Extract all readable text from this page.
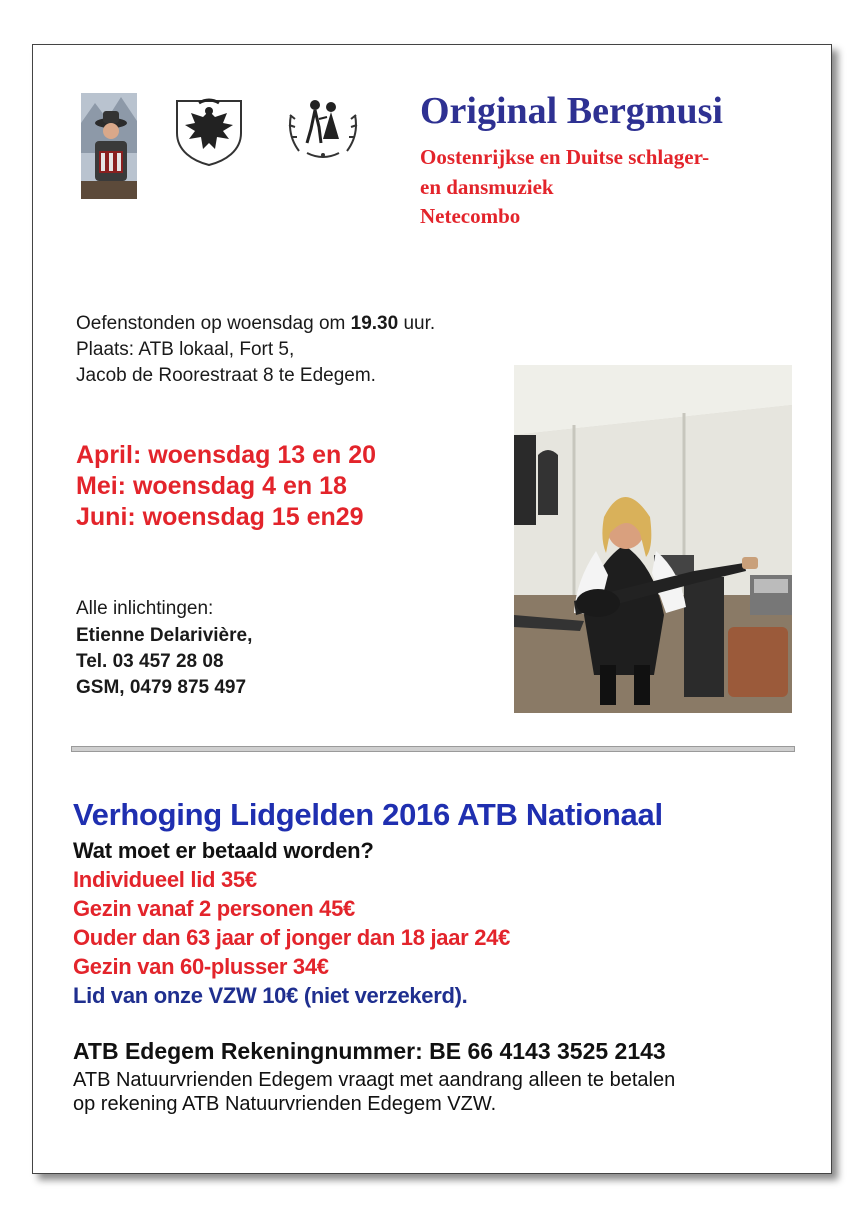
Original Bergmusi
Oostenrijkse en Duitse schlager-
en dansmuziek
Netecombo
Oefenstonden op woensdag om 19.30 uur.
Plaats: ATB lokaal, Fort 5,
Jacob de Roorestraat 8 te Edegem.
April: woensdag 13 en 20
Mei: woensdag 4 en 18
Juni: woensdag 15 en29
Alle inlichtingen:
Etienne Delarivière,
Tel. 03 457 28 08
GSM, 0479 875 497
Verhoging Lidgelden 2016 ATB Nationaal
Wat moet er betaald worden?
Individueel lid 35€
Gezin vanaf 2 personen 45€
Ouder dan 63 jaar of jonger dan 18 jaar 24€
Gezin van 60-plusser 34€
Lid van onze VZW 10€ (niet verzekerd).
ATB Edegem Rekeningnummer: BE 66 4143 3525 2143
ATB Natuurvrienden Edegem vraagt met aandrang alleen te betalen
op rekening ATB Natuurvrienden Edegem VZW.
